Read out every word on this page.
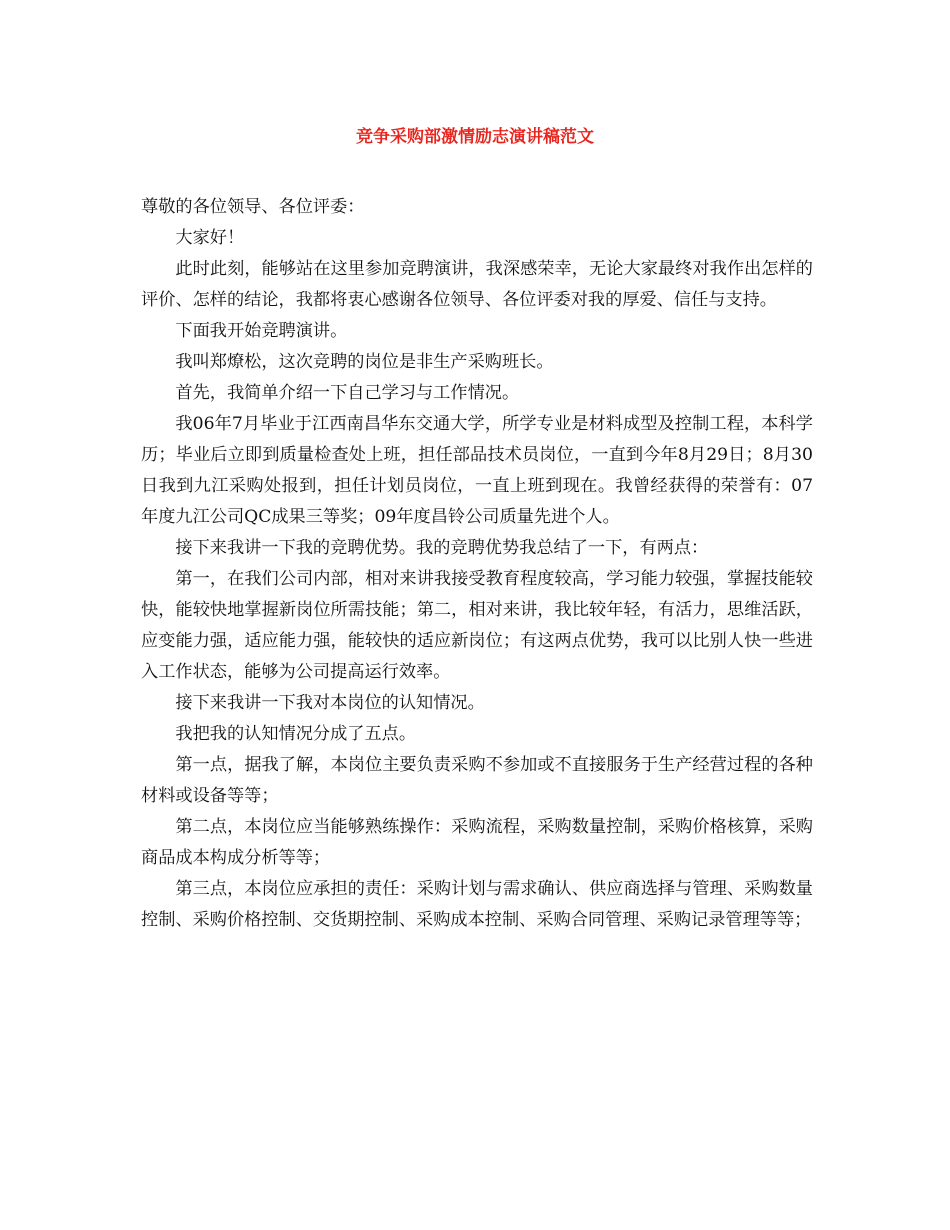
竞争采购部激情励志演讲稿范文

尊敬的各位领导、各位评委：

大家好！

此时此刻，能够站在这里参加竞聘演讲，我深感荣幸，无论大家最终对我作出怎样的评价、怎样的结论，我都将衷心感谢各位领导、各位评委对我的厚爱、信任与支持。

下面我开始竞聘演讲。

我叫郑燎松，这次竞聘的岗位是非生产采购班长。

首先，我简单介绍一下自己学习与工作情况。

我06年7月毕业于江西南昌华东交通大学，所学专业是材料成型及控制工程，本科学历；毕业后立即到质量检查处上班，担任部品技术员岗位，一直到今年8月29日；8月30日我到九江采购处报到，担任计划员岗位，一直上班到现在。我曾经获得的荣誉有：07年度九江公司QC成果三等奖；09年度昌铃公司质量先进个人。

接下来我讲一下我的竞聘优势。我的竞聘优势我总结了一下，有两点：

第一，在我们公司内部，相对来讲我接受教育程度较高，学习能力较强，掌握技能较快，能较快地掌握新岗位所需技能；第二，相对来讲，我比较年轻，有活力，思维活跃，应变能力强，适应能力强，能较快的适应新岗位；有这两点优势，我可以比别人快一些进入工作状态，能够为公司提高运行效率。

接下来我讲一下我对本岗位的认知情况。

我把我的认知情况分成了五点。

第一点，据我了解，本岗位主要负责采购不参加或不直接服务于生产经营过程的各种材料或设备等等；

第二点，本岗位应当能够熟练操作：采购流程，采购数量控制，采购价格核算，采购商品成本构成分析等等；

第三点，本岗位应承担的责任：采购计划与需求确认、供应商选择与管理、采购数量控制、采购价格控制、交货期控制、采购成本控制、采购合同管理、采购记录管理等等；
